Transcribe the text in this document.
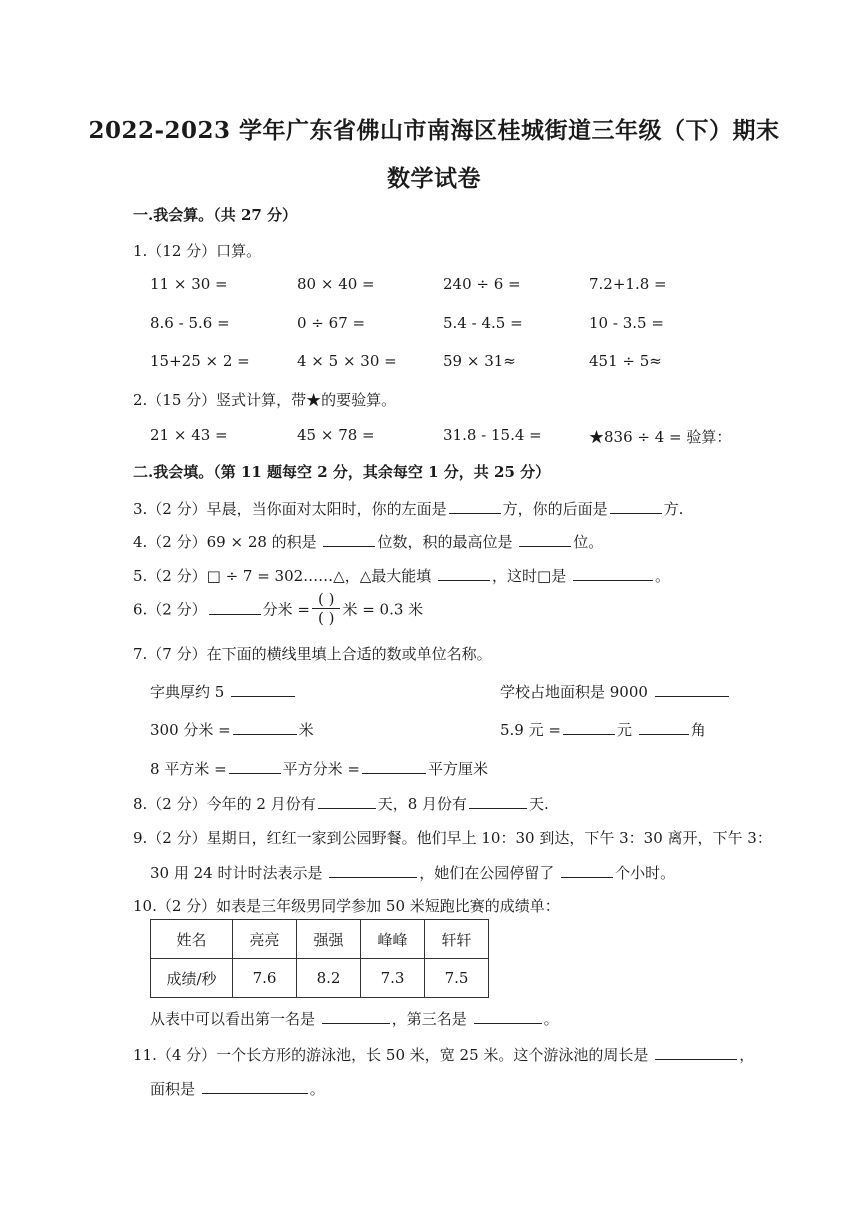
2022-2023 学年广东省佛山市南海区桂城街道三年级（下）期末
数学试卷
一.我会算。（共 27 分）
1.（12 分）口算。
11 × 30 =	80 × 40 =	240 ÷ 6 =	7.2+1.8 =
8.6 - 5.6 =	0 ÷ 67 =	5.4 - 4.5 =	10 - 3.5 =
15+25 × 2 =	4 × 5 × 30 =	59 × 31≈	451 ÷ 5≈
2.（15 分）竖式计算，带★的要验算。
21 × 43 =	45 × 78 =	31.8 - 15.4 =	★836 ÷ 4 = 验算：
二.我会填。（第 11 题每空 2 分，其余每空 1 分，共 25 分）
3.（2 分）早晨，当你面对太阳时，你的左面是	方，你的后面是	方.
4.（2 分）69 × 28 的积是	位数，积的最高位是	位。
5.（2 分）□ ÷ 7 = 302……△，△最大能填	，这时□是	。
6.（2 分）	分米 = $\frac{( )}{( )}$ 米 = 0.3 米
7.（7 分）在下面的横线里填上合适的数或单位名称。
字典厚约 5	学校占地面积是 9000
300 分米 =	米	5.9 元 =	元	角
8 平方米 =	平方分米 =	平方厘米
8.（2 分）今年的 2 月份有	天，8 月份有	天.
9.（2 分）星期日，红红一家到公园野餐。他们早上 10：30 到达，下午 3：30 离开，下午 3：
30 用 24 时计时法表示是	，她们在公园停留了	个小时。
10.（2 分）如表是三年级男同学参加 50 米短跑比赛的成绩单：
姓名	亮亮	强强	峰峰	轩轩
成绩/秒	7.6	8.2	7.3	7.5
从表中可以看出第一名是	，第三名是	。
11.（4 分）一个长方形的游泳池，长 50 米，宽 25 米。这个游泳池的周长是	，
面积是	。
